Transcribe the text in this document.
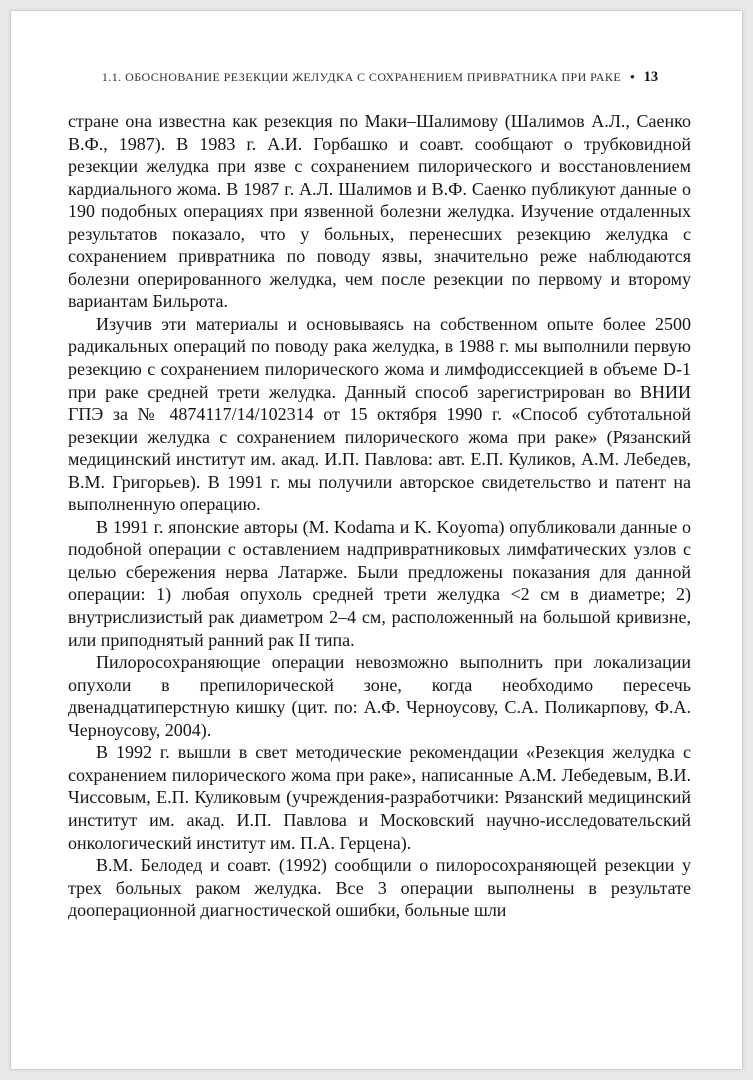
1.1. ОБОСНОВАНИЕ РЕЗЕКЦИИ ЖЕЛУДКА С СОХРАНЕНИЕМ ПРИВРАТНИКА ПРИ РАКЕ • 13

стране она известна как резекция по Маки–Шалимову (Шалимов А.Л., Саенко В.Ф., 1987). В 1983 г. А.И. Горбашко и соавт. сообщают о трубковидной резекции желудка при язве с сохранением пилорического и восстановлением кардиального жома. В 1987 г. А.Л. Шалимов и В.Ф. Саенко публикуют данные о 190 подобных операциях при язвенной болезни желудка. Изучение отдаленных результатов показало, что у больных, перенесших резекцию желудка с сохранением привратника по поводу язвы, значительно реже наблюдаются болезни оперированного желудка, чем после резекции по первому и второму вариантам Бильрота.

Изучив эти материалы и основываясь на собственном опыте более 2500 радикальных операций по поводу рака желудка, в 1988 г. мы выполнили первую резекцию с сохранением пилорического жома и лимфодиссекцией в объеме D-1 при раке средней трети желудка. Данный способ зарегистрирован во ВНИИ ГПЭ за № 4874117/14/102314 от 15 октября 1990 г. «Способ субтотальной резекции желудка с сохранением пилорического жома при раке» (Рязанский медицинский институт им. акад. И.П. Павлова: авт. Е.П. Куликов, А.М. Лебедев, В.М. Григорьев). В 1991 г. мы получили авторское свидетельство и патент на выполненную операцию.

В 1991 г. японские авторы (M. Kodama и K. Koyoma) опубликовали данные о подобной операции с оставлением надпривратниковых лимфатических узлов с целью сбережения нерва Латарже. Были предложены показания для данной операции: 1) любая опухоль средней трети желудка <2 см в диаметре; 2) внутрислизистый рак диаметром 2–4 см, расположенный на большой кривизне, или приподнятый ранний рак II типа.

Пилоросохраняющие операции невозможно выполнить при локализации опухоли в препилорической зоне, когда необходимо пересечь двенадцатиперстную кишку (цит. по: А.Ф. Черноусову, С.А. Поликарпову, Ф.А. Черноусову, 2004).

В 1992 г. вышли в свет методические рекомендации «Резекция желудка с сохранением пилорического жома при раке», написанные А.М. Лебедевым, В.И. Чиссовым, Е.П. Куликовым (учреждения-разработчики: Рязанский медицинский институт им. акад. И.П. Павлова и Московский научно-исследовательский онкологический институт им. П.А. Герцена).

В.М. Белодед и соавт. (1992) сообщили о пилоросохраняющей резекции у трех больных раком желудка. Все 3 операции выполнены в результате дооперационной диагностической ошибки, больные шли
